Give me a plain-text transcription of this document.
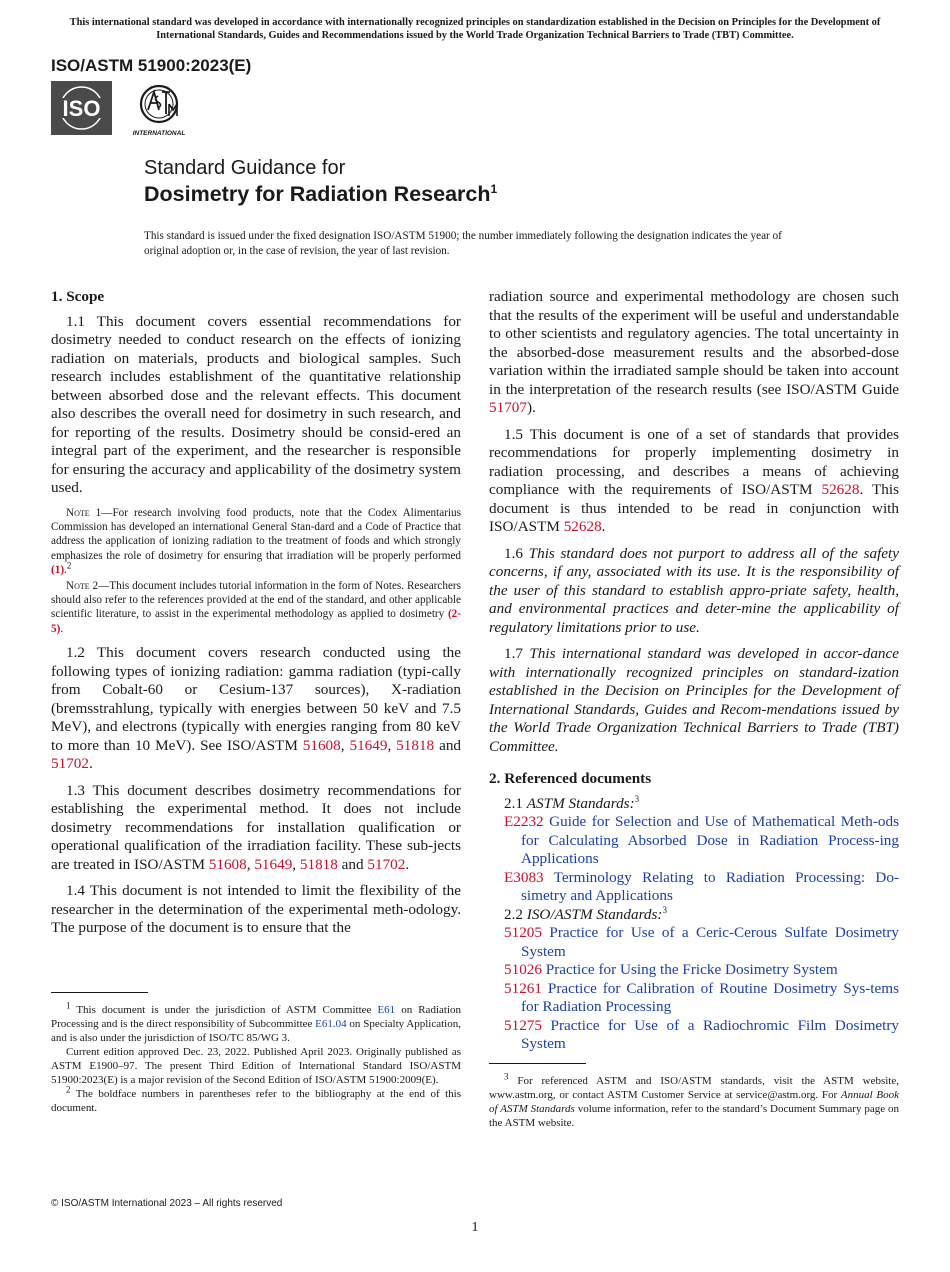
This international standard was developed in accordance with internationally recognized principles on standardization established in the Decision on Principles for the Development of International Standards, Guides and Recommendations issued by the World Trade Organization Technical Barriers to Trade (TBT) Committee.
ISO/ASTM 51900:2023(E)
ISO
INTERNATIONAL
Standard Guidance for
Dosimetry for Radiation Research$^1$
This standard is issued under the fixed designation ISO/ASTM 51900; the number immediately following the designation indicates the year of original adoption or, in the case of revision, the year of last revision.
1. Scope

1.1 This document covers essential recommendations for dosimetry needed to conduct research on the effects of ionizing radiation on materials, products and biological samples. Such research includes establishment of the quantitative relationship between absorbed dose and the relevant effects. This document also describes the overall need for dosimetry in such research, and for reporting of the results. Dosimetry should be consid-ered an integral part of the experiment, and the researcher is responsible for ensuring the accuracy and applicability of the dosimetry system used.

Note 1—For research involving food products, note that the Codex Alimentarius Commission has developed an international General Stan-dard and a Code of Practice that address the application of ionizing radiation to the treatment of foods and which strongly emphasizes the role of dosimetry for ensuring that irradiation will be properly performed (1).$^2$

Note 2—This document includes tutorial information in the form of Notes. Researchers should also refer to the references provided at the end of the standard, and other applicable scientific literature, to assist in the experimental methodology as applied to dosimetry (2-5).

1.2 This document covers research conducted using the following types of ionizing radiation: gamma radiation (typi-cally from Cobalt-60 or Cesium-137 sources), X-radiation (bremsstrahlung, typically with energies between 50 keV and 7.5 MeV), and electrons (typically with energies ranging from 80 keV to more than 10 MeV). See ISO/ASTM 51608, 51649, 51818 and 51702.

1.3 This document describes dosimetry recommendations for establishing the experimental method. It does not include dosimetry recommendations for installation qualification or operational qualification of the irradiation facility. These sub-jects are treated in ISO/ASTM 51608, 51649, 51818 and 51702.

1.4 This document is not intended to limit the flexibility of the researcher in the determination of the experimental meth-odology. The purpose of the document is to ensure that the

radiation source and experimental methodology are chosen such that the results of the experiment will be useful and understandable to other scientists and regulatory agencies. The total uncertainty in the absorbed-dose measurement results and the absorbed-dose variation within the irradiated sample should be taken into account in the interpretation of the research results (see ISO/ASTM Guide 51707).

1.5 This document is one of a set of standards that provides recommendations for properly implementing dosimetry in radiation processing, and describes a means of achieving compliance with the requirements of ISO/ASTM 52628. This document is thus intended to be read in conjunction with ISO/ASTM 52628.

1.6 This standard does not purport to address all of the safety concerns, if any, associated with its use. It is the responsibility of the user of this standard to establish appro-priate safety, health, and environmental practices and deter-mine the applicability of regulatory limitations prior to use.

1.7 This international standard was developed in accor-dance with internationally recognized principles on standard-ization established in the Decision on Principles for the Development of International Standards, Guides and Recom-mendations issued by the World Trade Organization Technical Barriers to Trade (TBT) Committee.

2. Referenced documents

2.1 ASTM Standards:$^3$

E2232 Guide for Selection and Use of Mathematical Meth-ods for Calculating Absorbed Dose in Radiation Process-ing Applications

E3083 Terminology Relating to Radiation Processing: Do-simetry and Applications

2.2 ISO/ASTM Standards:$^3$

51205 Practice for Use of a Ceric-Cerous Sulfate Dosimetry System

51026 Practice for Using the Fricke Dosimetry System

51261 Practice for Calibration of Routine Dosimetry Sys-tems for Radiation Processing

51275 Practice for Use of a Radiochromic Film Dosimetry System

$^1$ This document is under the jurisdiction of ASTM Committee E61 on Radiation Processing and is the direct responsibility of Subcommittee E61.04 on Specialty Application, and is also under the jurisdiction of ISO/TC 85/WG 3.

Current edition approved Dec. 23, 2022. Published April 2023. Originally published as ASTM E1900–97. The present Third Edition of International Standard ISO/ASTM 51900:2023(E) is a major revision of the Second Edition of ISO/ASTM 51900:2009(E).

$^2$ The boldface numbers in parentheses refer to the bibliography at the end of this document.

$^3$ For referenced ASTM and ISO/ASTM standards, visit the ASTM website, www.astm.org, or contact ASTM Customer Service at service@astm.org. For Annual Book of ASTM Standards volume information, refer to the standard’s Document Summary page on the ASTM website.

© ISO/ASTM International 2023 – All rights reserved
1
